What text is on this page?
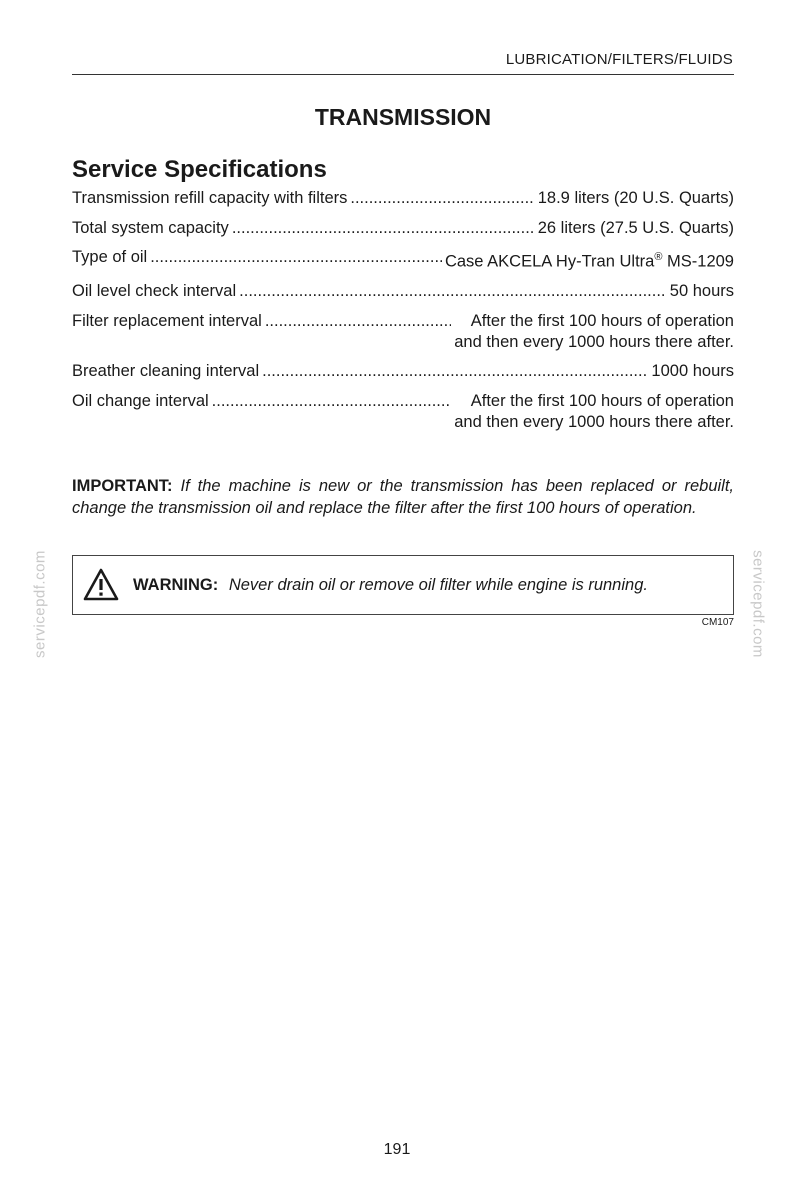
LUBRICATION/FILTERS/FLUIDS
TRANSMISSION
Service Specifications
Transmission refill capacity with filters .....	18.9 liters (20 U.S. Quarts)
Total system capacity .....	26 liters (27.5 U.S. Quarts)
Type of oil .....	Case AKCELA Hy-Tran Ultra® MS-1209
Oil level check interval .....	50 hours
Filter replacement interval .....	After the first 100 hours of operation
and then every 1000 hours there after.
Breather cleaning interval .....	1000 hours
Oil change interval .....	After the first 100 hours of operation
and then every 1000 hours there after.
IMPORTANT: If the machine is new or the transmission has been replaced or rebuilt, change the transmission oil and replace the filter after the first 100 hours of operation.
WARNING: Never drain oil or remove oil filter while engine is running.
CM107
servicepdf.com	servicepdf.com
191
